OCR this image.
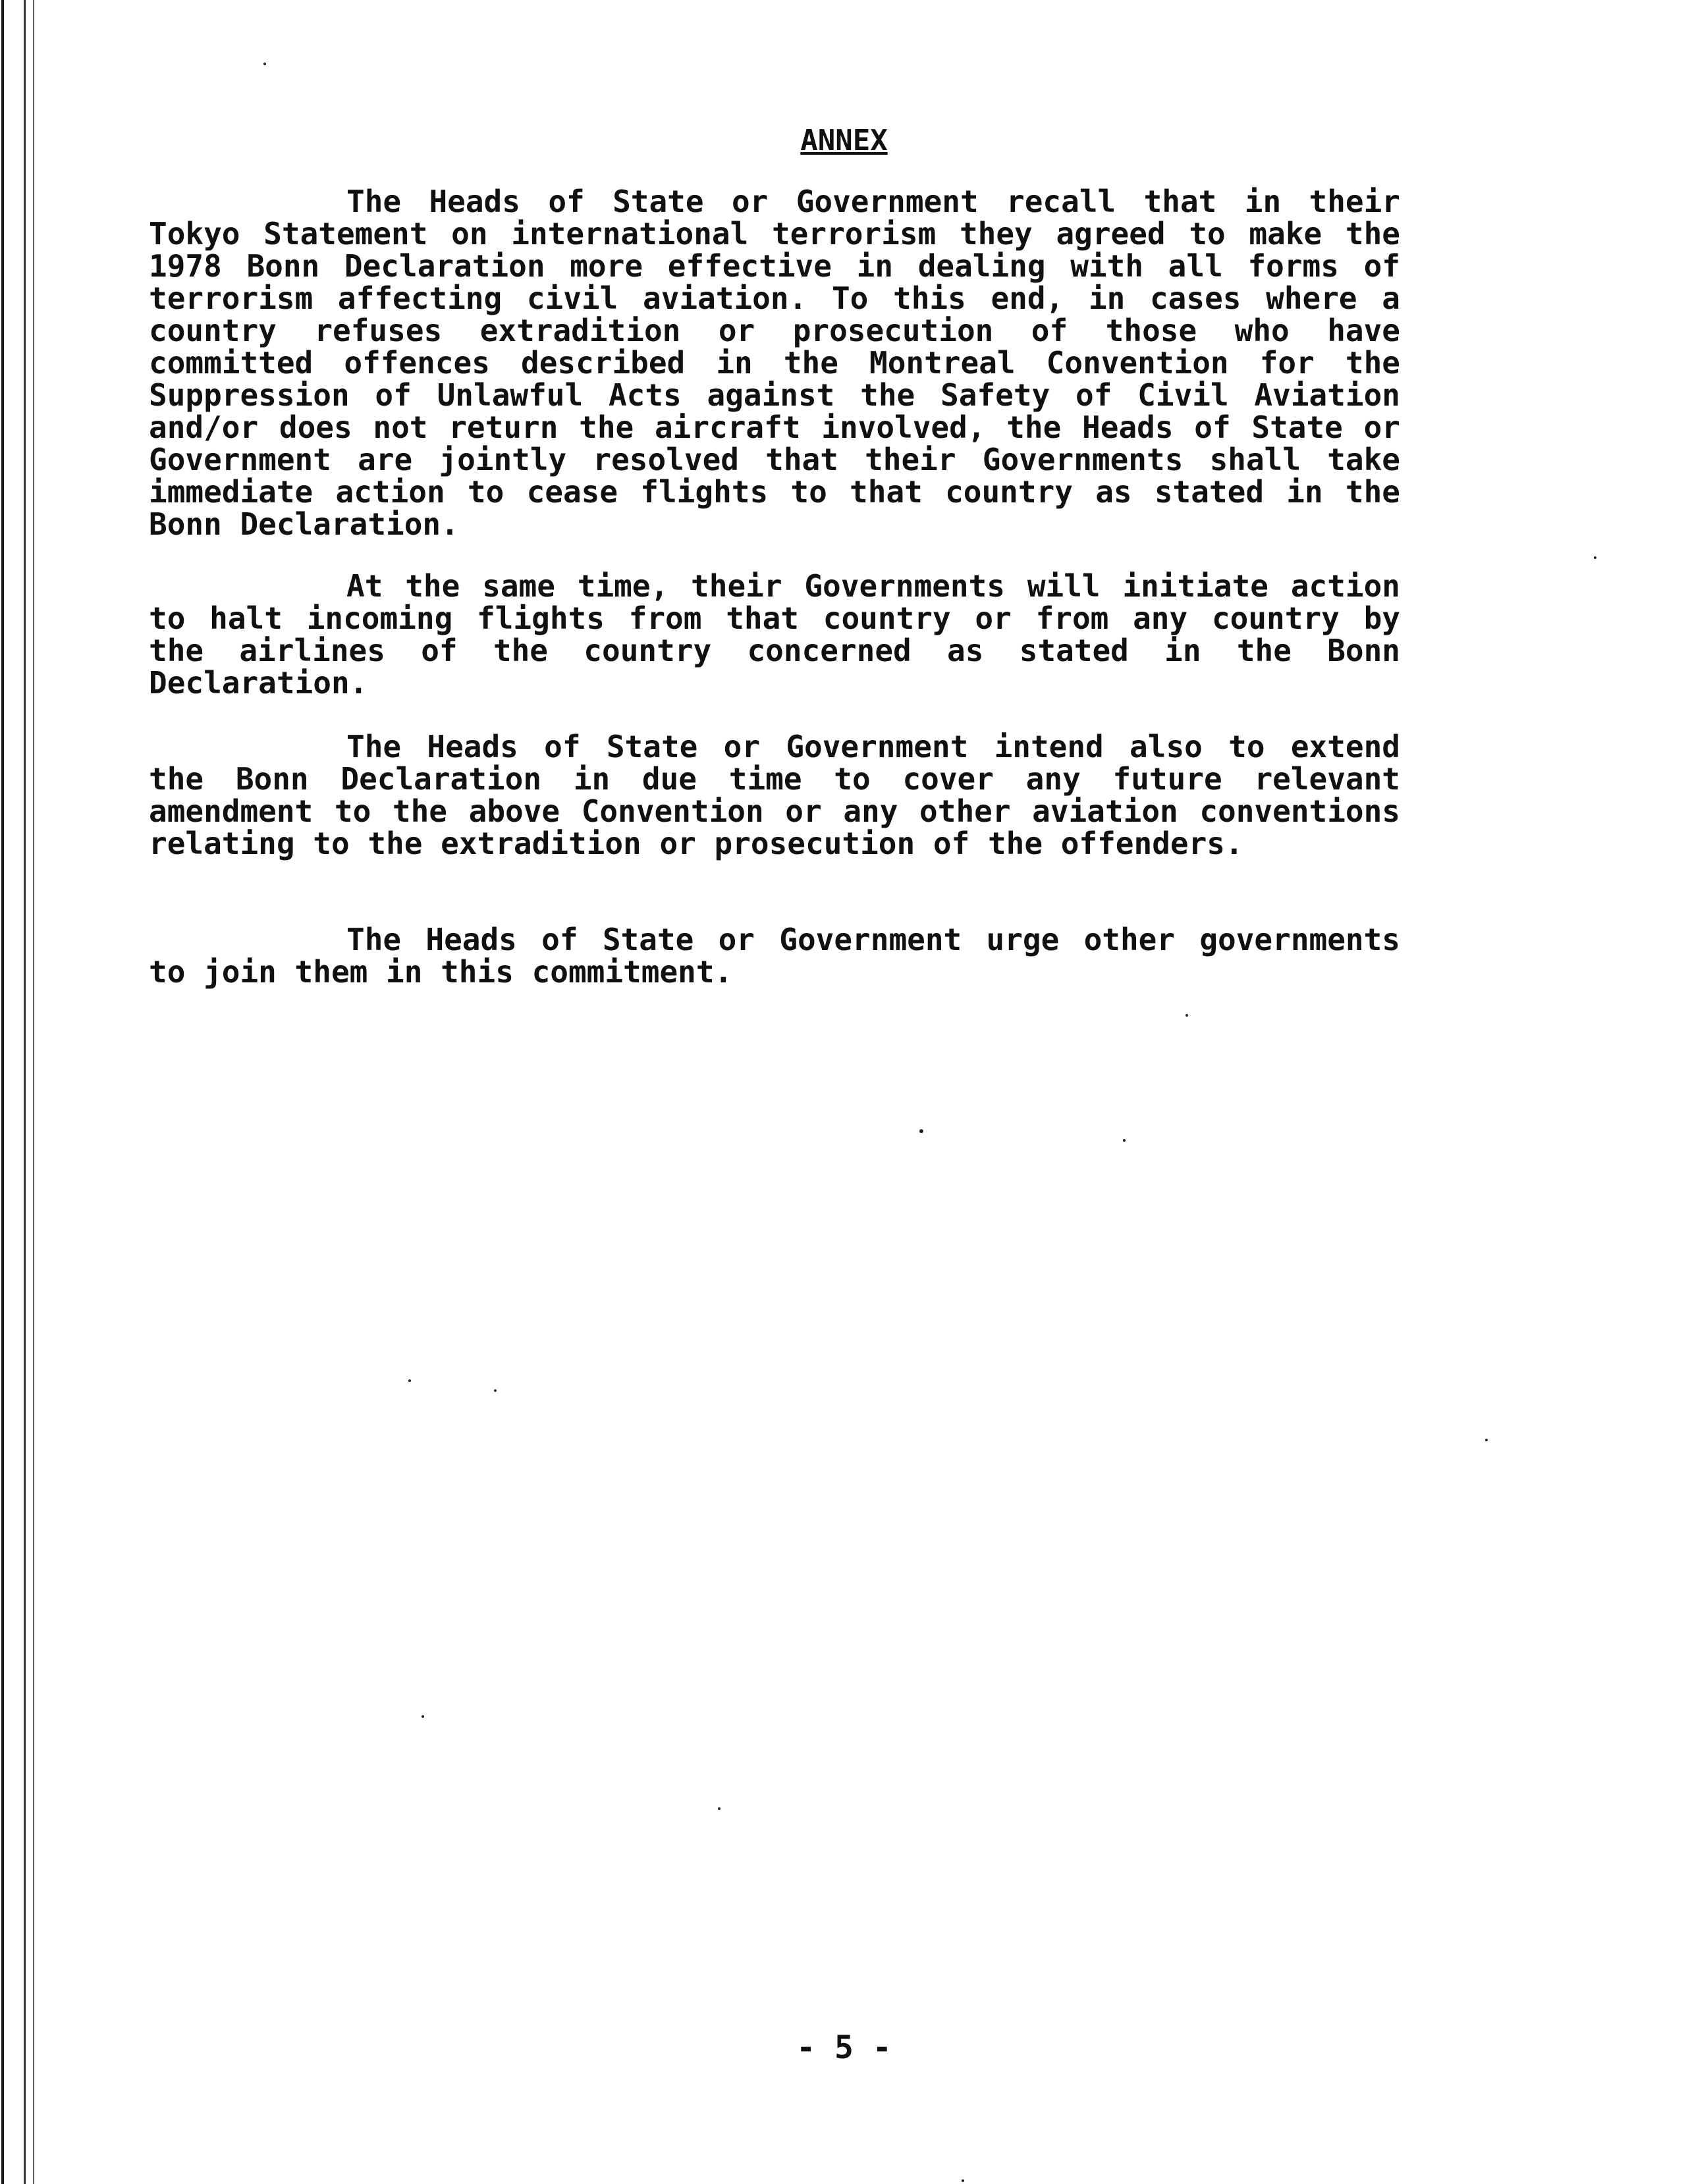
ANNEX

The Heads of State or Government recall that in their Tokyo Statement on international terrorism they agreed to make the 1978 Bonn Declaration more effective in dealing with all forms of terrorism affecting civil aviation. To this end, in cases where a country refuses extradition or prosecution of those who have committed offences described in the Montreal Convention for the Suppression of Unlawful Acts against the Safety of Civil Aviation and/or does not return the aircraft involved, the Heads of State or Government are jointly resolved that their Governments shall take immediate action to cease flights to that country as stated in the Bonn Declaration.

At the same time, their Governments will initiate action to halt incoming flights from that country or from any country by the airlines of the country concerned as stated in the Bonn Declaration.

The Heads of State or Government intend also to extend the Bonn Declaration in due time to cover any future relevant amendment to the above Convention or any other aviation conventions relating to the extradition or prosecution of the offenders.

The Heads of State or Government urge other governments to join them in this commitment.

- 5 -
